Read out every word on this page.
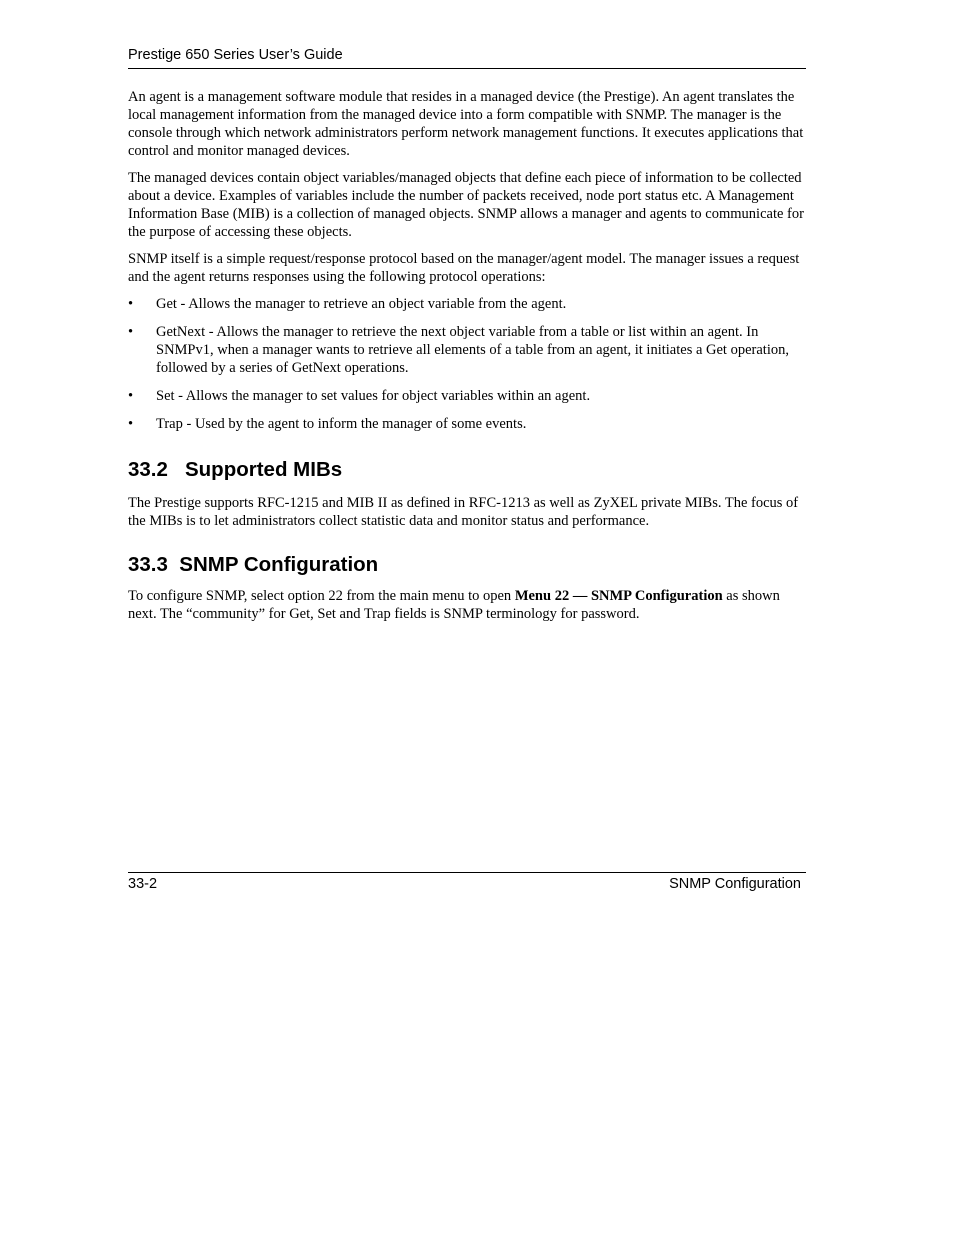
Prestige 650 Series User’s Guide

An agent is a management software module that resides in a managed device (the Prestige). An agent translates the local management information from the managed device into a form compatible with SNMP. The manager is the console through which network administrators perform network management functions. It executes applications that control and monitor managed devices.

The managed devices contain object variables/managed objects that define each piece of information to be collected about a device. Examples of variables include the number of packets received, node port status etc. A Management Information Base (MIB) is a collection of managed objects. SNMP allows a manager and agents to communicate for the purpose of accessing these objects.

SNMP itself is a simple request/response protocol based on the manager/agent model. The manager issues a request and the agent returns responses using the following protocol operations:

• Get - Allows the manager to retrieve an object variable from the agent.
• GetNext - Allows the manager to retrieve the next object variable from a table or list within an agent. In SNMPv1, when a manager wants to retrieve all elements of a table from an agent, it initiates a Get operation, followed by a series of GetNext operations.
• Set - Allows the manager to set values for object variables within an agent.
• Trap - Used by the agent to inform the manager of some events.
33.2   Supported MIBs

The Prestige supports RFC-1215 and MIB II as defined in RFC-1213 as well as ZyXEL private MIBs. The focus of the MIBs is to let administrators collect statistic data and monitor status and performance.

33.3  SNMP Configuration

To configure SNMP, select option 22 from the main menu to open Menu 22 — SNMP Configuration as shown next. The “community” for Get, Set and Trap fields is SNMP terminology for password.

33-2	SNMP Configuration
